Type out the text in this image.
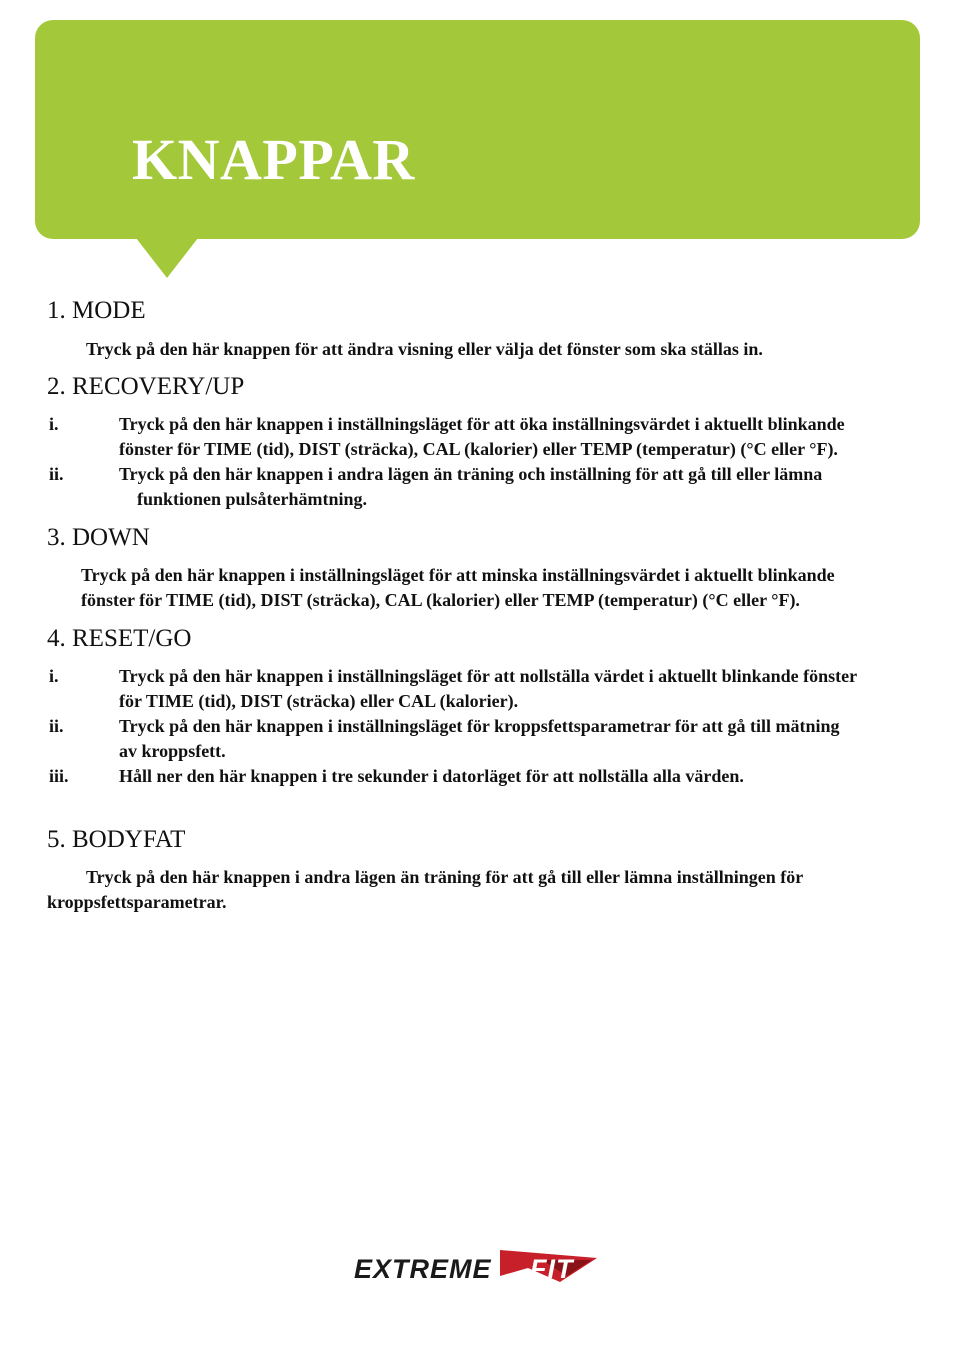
KNAPPAR
1. MODE

Tryck på den här knappen för att ändra visning eller välja det fönster som ska ställas in.

2. RECOVERY/UP
i.	Tryck på den här knappen i inställningsläget för att öka inställningsvärdet i aktuellt blinkande

fönster för TIME (tid), DIST (sträcka), CAL (kalorier) eller TEMP (temperatur) (°C eller °F).

ii.	Tryck på den här knappen i andra lägen än träning och inställning för att gå till eller lämna

funktionen pulsåterhämtning.

3. DOWN

Tryck på den här knappen i inställningsläget för att minska inställningsvärdet i aktuellt blinkande

fönster för TIME (tid), DIST (sträcka), CAL (kalorier) eller TEMP (temperatur) (°C eller °F).

4. RESET/GO
i.	Tryck på den här knappen i inställningsläget för att nollställa värdet i aktuellt blinkande fönster

för TIME (tid), DIST (sträcka) eller CAL (kalorier).

ii.	Tryck på den här knappen i inställningsläget för kroppsfettsparametrar för att gå till mätning

av kroppsfett.

iii.	Håll ner den här knappen i tre sekunder i datorläget för att nollställa alla värden.

5. BODYFAT

Tryck på den här knappen i andra lägen än träning för att gå till eller lämna inställningen för

kroppsfettsparametrar.

EXTREME FIT
